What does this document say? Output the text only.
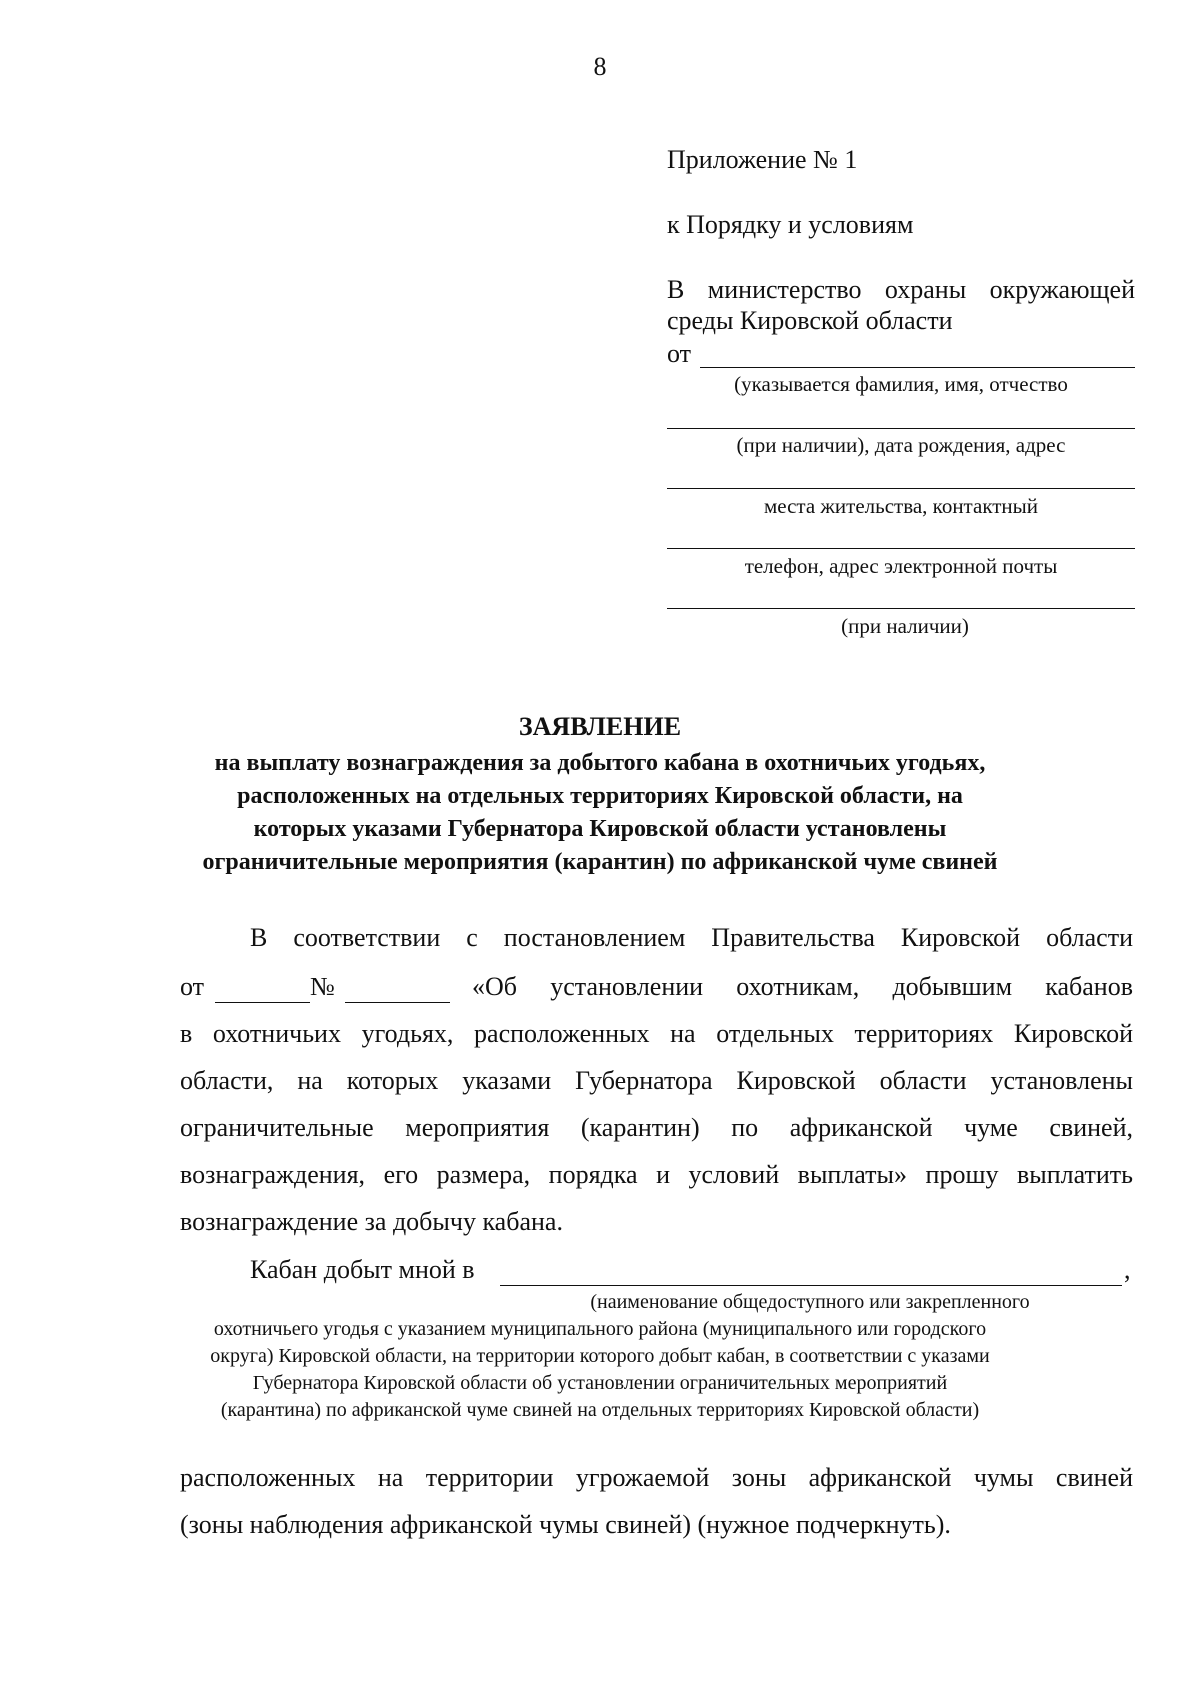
8
Приложение № 1
к Порядку и условиям
В министерство охраны окружающей
среды Кировской области
от
(указывается фамилия, имя, отчество
(при наличии), дата рождения, адрес
места жительства, контактный
телефон, адрес электронной почты
(при наличии)
ЗАЯВЛЕНИЕ
на выплату вознаграждения за добытого кабана в охотничьих угодьях,
расположенных на отдельных территориях Кировской области, на
которых указами Губернатора Кировской области установлены
ограничительные мероприятия (карантин) по африканской чуме свиней
В соответствии с постановлением Правительства Кировской области
от	№	«Об установлении охотникам, добывшим кабанов
в охотничьих угодьях, расположенных на отдельных территориях Кировской
области, на которых указами Губернатора Кировской области установлены
ограничительные мероприятия (карантин) по африканской чуме свиней,
вознаграждения, его размера, порядка и условий выплаты» прошу выплатить
вознаграждение за добычу кабана.
Кабан добыт мной в	,
(наименование общедоступного или закрепленного
охотничьего угодья с указанием муниципального района (муниципального или городского
округа) Кировской области, на территории которого добыт кабан, в соответствии с указами
Губернатора Кировской области об установлении ограничительных мероприятий
(карантина) по африканской чуме свиней на отдельных территориях Кировской области)
расположенных на территории угрожаемой зоны африканской чумы свиней
(зоны наблюдения африканской чумы свиней) (нужное подчеркнуть).
